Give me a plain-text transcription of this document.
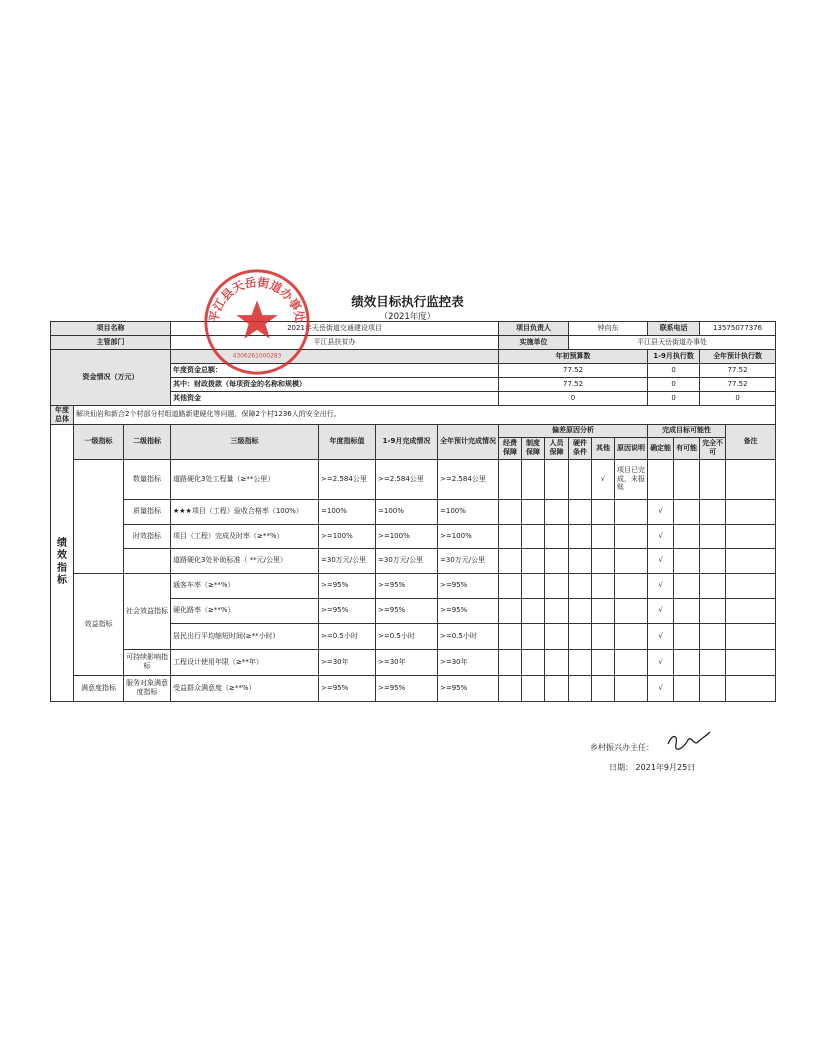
绩效目标执行监控表
（2021年度）
项目名称			2021年天岳街道交通建设项目				项目负责人			钟向东			联系电话		13575077376	
主管部门			平江县扶贫办				实施单位			平江县天岳街道办事处						
资金情况（万元）							年初预算数						1-9月执行数		全年预计执行数	
			年度资金总额：				77.52						0		77.52	
			其中：财政拨款（每项资金的名称和规模）				77.52						0		77.52	
			其他资金				0						0		0	
年度总体	解决仙岩和新合2个村部分村组道路新建硬化等问题，保障2个村1236人的安全出行。															
绩效指标	一级指标	二级指标	三级指标	年度指标值	1-9月完成情况	全年预计完成情况	偏差原因分析						完成目标可能性			备注
							经费保障	制度保障	人员保障	硬件条件	其他	原因说明	确定能	有可能	完全不可	
		数量指标	道路硬化3处工程量（≥**公里）	>=2.584公里	>=2.584公里	>=2.584公里					√	项目已完成，未报账				
		质量指标	★★★项目（工程）验收合格率（100%）	=100%	=100%	=100%							√			
		时效指标	项目（工程）完成及时率（≥**%）	>=100%	>=100%	>=100%							√			
			道路硬化3处补助标准（ **元/公里）	=30万元/公里	=30万元/公里	=30万元/公里							√			
	效益指标	社会效益指标	通客车率（≥**%）	>=95%	>=95%	>=95%							√			
			硬化路率（≥**%）	>=95%	>=95%	>=95%							√			
			居民出行平均缩短时间(≥**小时)	>=0.5小时	>=0.5小时	>=0.5小时							√			
		可持续影响指标	工程设计使用年限（≥**年）	>=30年	>=30年	>=30年							√			
	满意度指标	服务对象满意度指标	受益群众满意度（≥**%）	>=95%	>=95%	>=95%							√			
平江县天岳街道办事处
4306261000283
乡村振兴办主任：
日期： 2021年9月25日
